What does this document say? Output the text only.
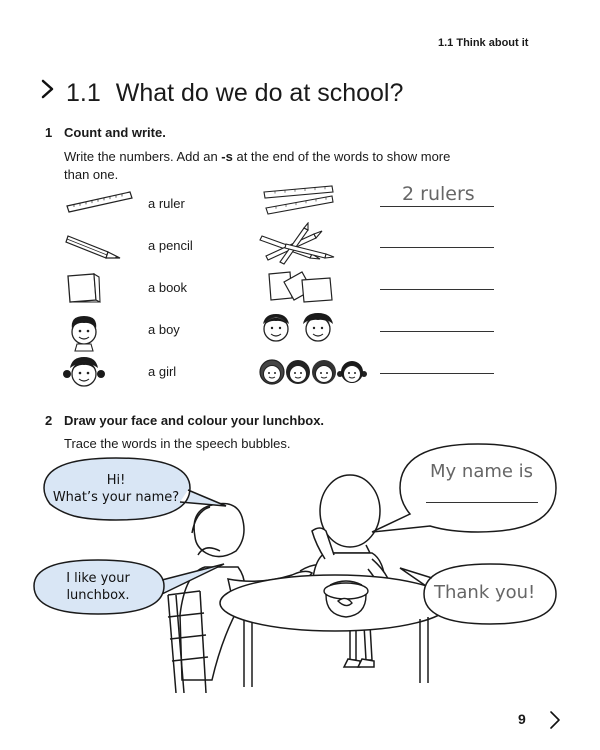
1.1 Think about it
1.1 What do we do at school?
1 Count and write.
Write the numbers. Add an -s at the end of the words to show more
than one.
a ruler	2 rulers
a pencil
a book
a boy
a girl
2 Draw your face and colour your lunchbox.
Trace the words in the speech bubbles.
Hi!
What’s your name?
I like your
lunchbox.
My name is
Thank you!
9
